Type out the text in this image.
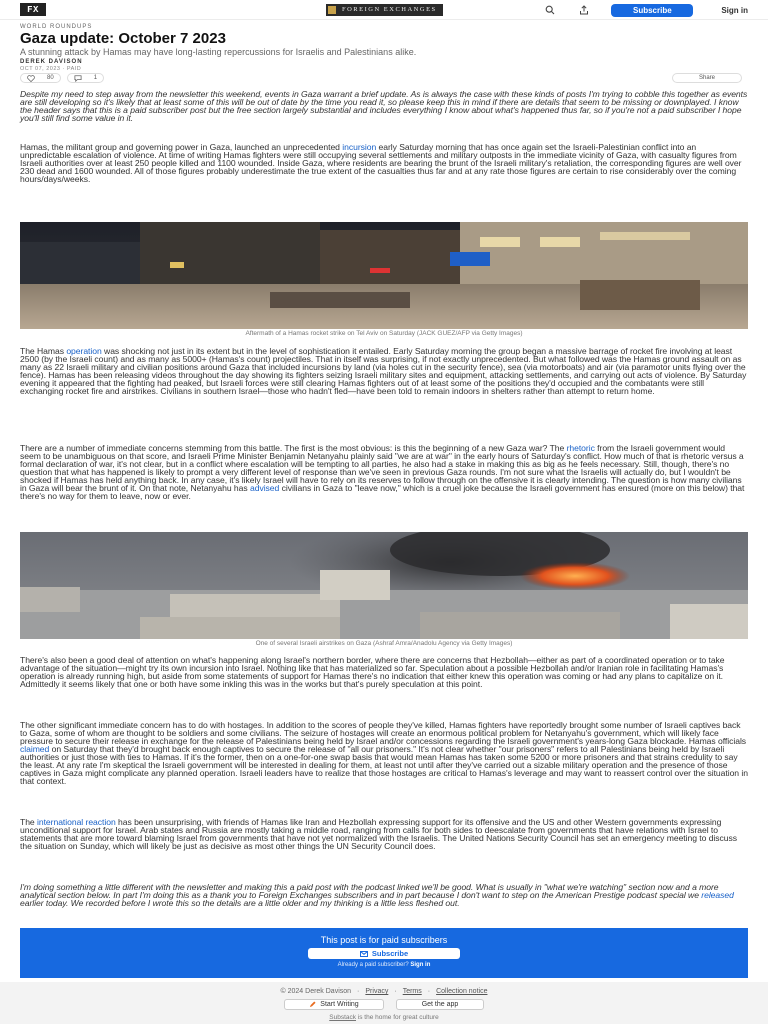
FX	FOREIGN EXCHANGES	Subscribe	Sign in
WORLD ROUNDUPS
Gaza update: October 7 2023
A stunning attack by Hamas may have long-lasting repercussions for Israelis and Palestinians alike.
DEREK DAVISON
OCT 07, 2023 · PAID
80	1	Share
Despite my need to step away from the newsletter this weekend, events in Gaza warrant a brief update. As is always the case with these kinds of posts I'm trying to cobble this together as events are still developing so it's likely that at least some of this will be out of date by the time you read it, so please keep this in mind if there are details that seem to be missing or downplayed. I know the header says that this is a paid subscriber post but the free section largely substantial and includes everything I know about what's happened thus far, so if you're not a paid subscriber I hope you'll still find some value in it.
Hamas, the militant group and governing power in Gaza, launched an unprecedented incursion early Saturday morning that has once again set the Israeli-Palestinian conflict into an unpredictable escalation of violence. At time of writing Hamas fighters were still occupying several settlements and military outposts in the immediate vicinity of Gaza, with casualty figures from Israeli authorities over at least 250 people killed and 1100 wounded. Inside Gaza, where residents are bearing the brunt of the Israeli military's retaliation, the corresponding figures are well over 230 dead and 1600 wounded. All of those figures probably underestimate the true extent of the casualties thus far and at any rate those figures are certain to rise considerably over the coming hours/days/weeks.
Aftermath of a Hamas rocket strike on Tel Aviv on Saturday (JACK GUEZ/AFP via Getty Images)
The Hamas operation was shocking not just in its extent but in the level of sophistication it entailed. Early Saturday morning the group began a massive barrage of rocket fire involving at least 2500 (by the Israeli count) and as many as 5000+ (Hamas's count) projectiles. That in itself was surprising, if not exactly unprecedented. But what followed was the Hamas ground assault on as many as 22 Israeli military and civilian positions around Gaza that included incursions by land (via holes cut in the security fence), sea (via motorboats) and air (via paramotor units flying over the fence). Hamas has been releasing videos throughout the day showing its fighters seizing Israeli military sites and equipment, attacking settlements, and carrying out acts of violence. By Saturday evening it appeared that the fighting had peaked, but Israeli forces were still clearing Hamas fighters out of at least some of the positions they'd occupied and the combatants were still exchanging rocket fire and airstrikes. Civilians in southern Israel—those who hadn't fled—have been told to remain indoors in shelters rather than attempt to return home.
There are a number of immediate concerns stemming from this battle. The first is the most obvious: is this the beginning of a new Gaza war? The rhetoric from the Israeli government would seem to be unambiguous on that score, and Israeli Prime Minister Benjamin Netanyahu plainly said "we are at war" in the early hours of Saturday's conflict. How much of that is rhetoric versus a formal declaration of war, it's not clear, but in a conflict where escalation will be tempting to all parties, he also had a stake in making this as big as he feels necessary. Still, though, there's no question that what has happened is likely to prompt a very different level of response than we've seen in previous Gaza rounds. I'm not sure what the Israelis will actually do, but I wouldn't be shocked if Hamas has held anything back. In any case, it's likely Israel will have to rely on its reserves to follow through on the offensive it is clearly intending. The question is how many civilians in Gaza will bear the brunt of it. On that note, Netanyahu has advised civilians in Gaza to "leave now," which is a cruel joke because the Israeli government has ensured (more on this below) that there's no way for them to leave, now or ever.
One of several Israeli airstrikes on Gaza (Ashraf Amra/Anadolu Agency via Getty Images)
There's also been a good deal of attention on what's happening along Israel's northern border, where there are concerns that Hezbollah—either as part of a coordinated operation or to take advantage of the situation—might try its own incursion into Israel. Nothing like that has materialized so far. Speculation about a possible Hezbollah and/or Iranian role in facilitating Hamas's operation is already running high, but aside from some statements of support for Hamas there's no indication that either knew this operation was coming or had any plans to capitalize on it. Admittedly it seems likely that one or both have some inkling this was in the works but that's purely speculation at this point.
The other significant immediate concern has to do with hostages. In addition to the scores of people they've killed, Hamas fighters have reportedly brought some number of Israeli captives back to Gaza, some of whom are thought to be soldiers and some civilians. The seizure of hostages will create an enormous political problem for Netanyahu's government, which will likely face pressure to secure their release in exchange for the release of Palestinians being held by Israel and/or concessions regarding the Israeli government's years-long Gaza blockade. Hamas officials claimed on Saturday that they'd brought back enough captives to secure the release of "all our prisoners." It's not clear whether "our prisoners" refers to all Palestinians being held by Israeli authorities or just those with ties to Hamas. If it's the former, then on a one-for-one swap basis that would mean Hamas has taken some 5200 or more prisoners and that strains credulity to say the least. At any rate I'm skeptical the Israeli government will be interested in dealing for them, at least not until after they've carried out a sizable military operation and the presence of those captives in Gaza might complicate any planned operation. Israeli leaders have to realize that those hostages are critical to Hamas's leverage and may want to reassert control over the situation in that context.
The international reaction has been unsurprising, with friends of Hamas like Iran and Hezbollah expressing support for its offensive and the US and other Western governments expressing unconditional support for Israel. Arab states and Russia are mostly taking a middle road, ranging from calls for both sides to deescalate from governments that have relations with Israel to statements that are more toward blaming Israel from governments that have not yet normalized with the Israelis. The United Nations Security Council has set an emergency meeting to discuss the situation on Sunday, which will likely be just as decisive as most other things the UN Security Council does.
I'm doing something a little different with the newsletter and making this a paid post with the podcast linked we'll be good. What is usually in "what we're watching" section now and a more analytical section below. In part I'm doing this as a thank you to Foreign Exchanges subscribers and in part because I don't want to step on the American Prestige podcast special we released earlier today. We recorded before I wrote this so the details are a little older and my thinking is a little less fleshed out.
This post is for paid subscribers
Subscribe
Already a paid subscriber? Sign in
© 2024 Derek Davison · Privacy · Terms · Collection notice
Start Writing	Get the app
Substack is the home for great culture
